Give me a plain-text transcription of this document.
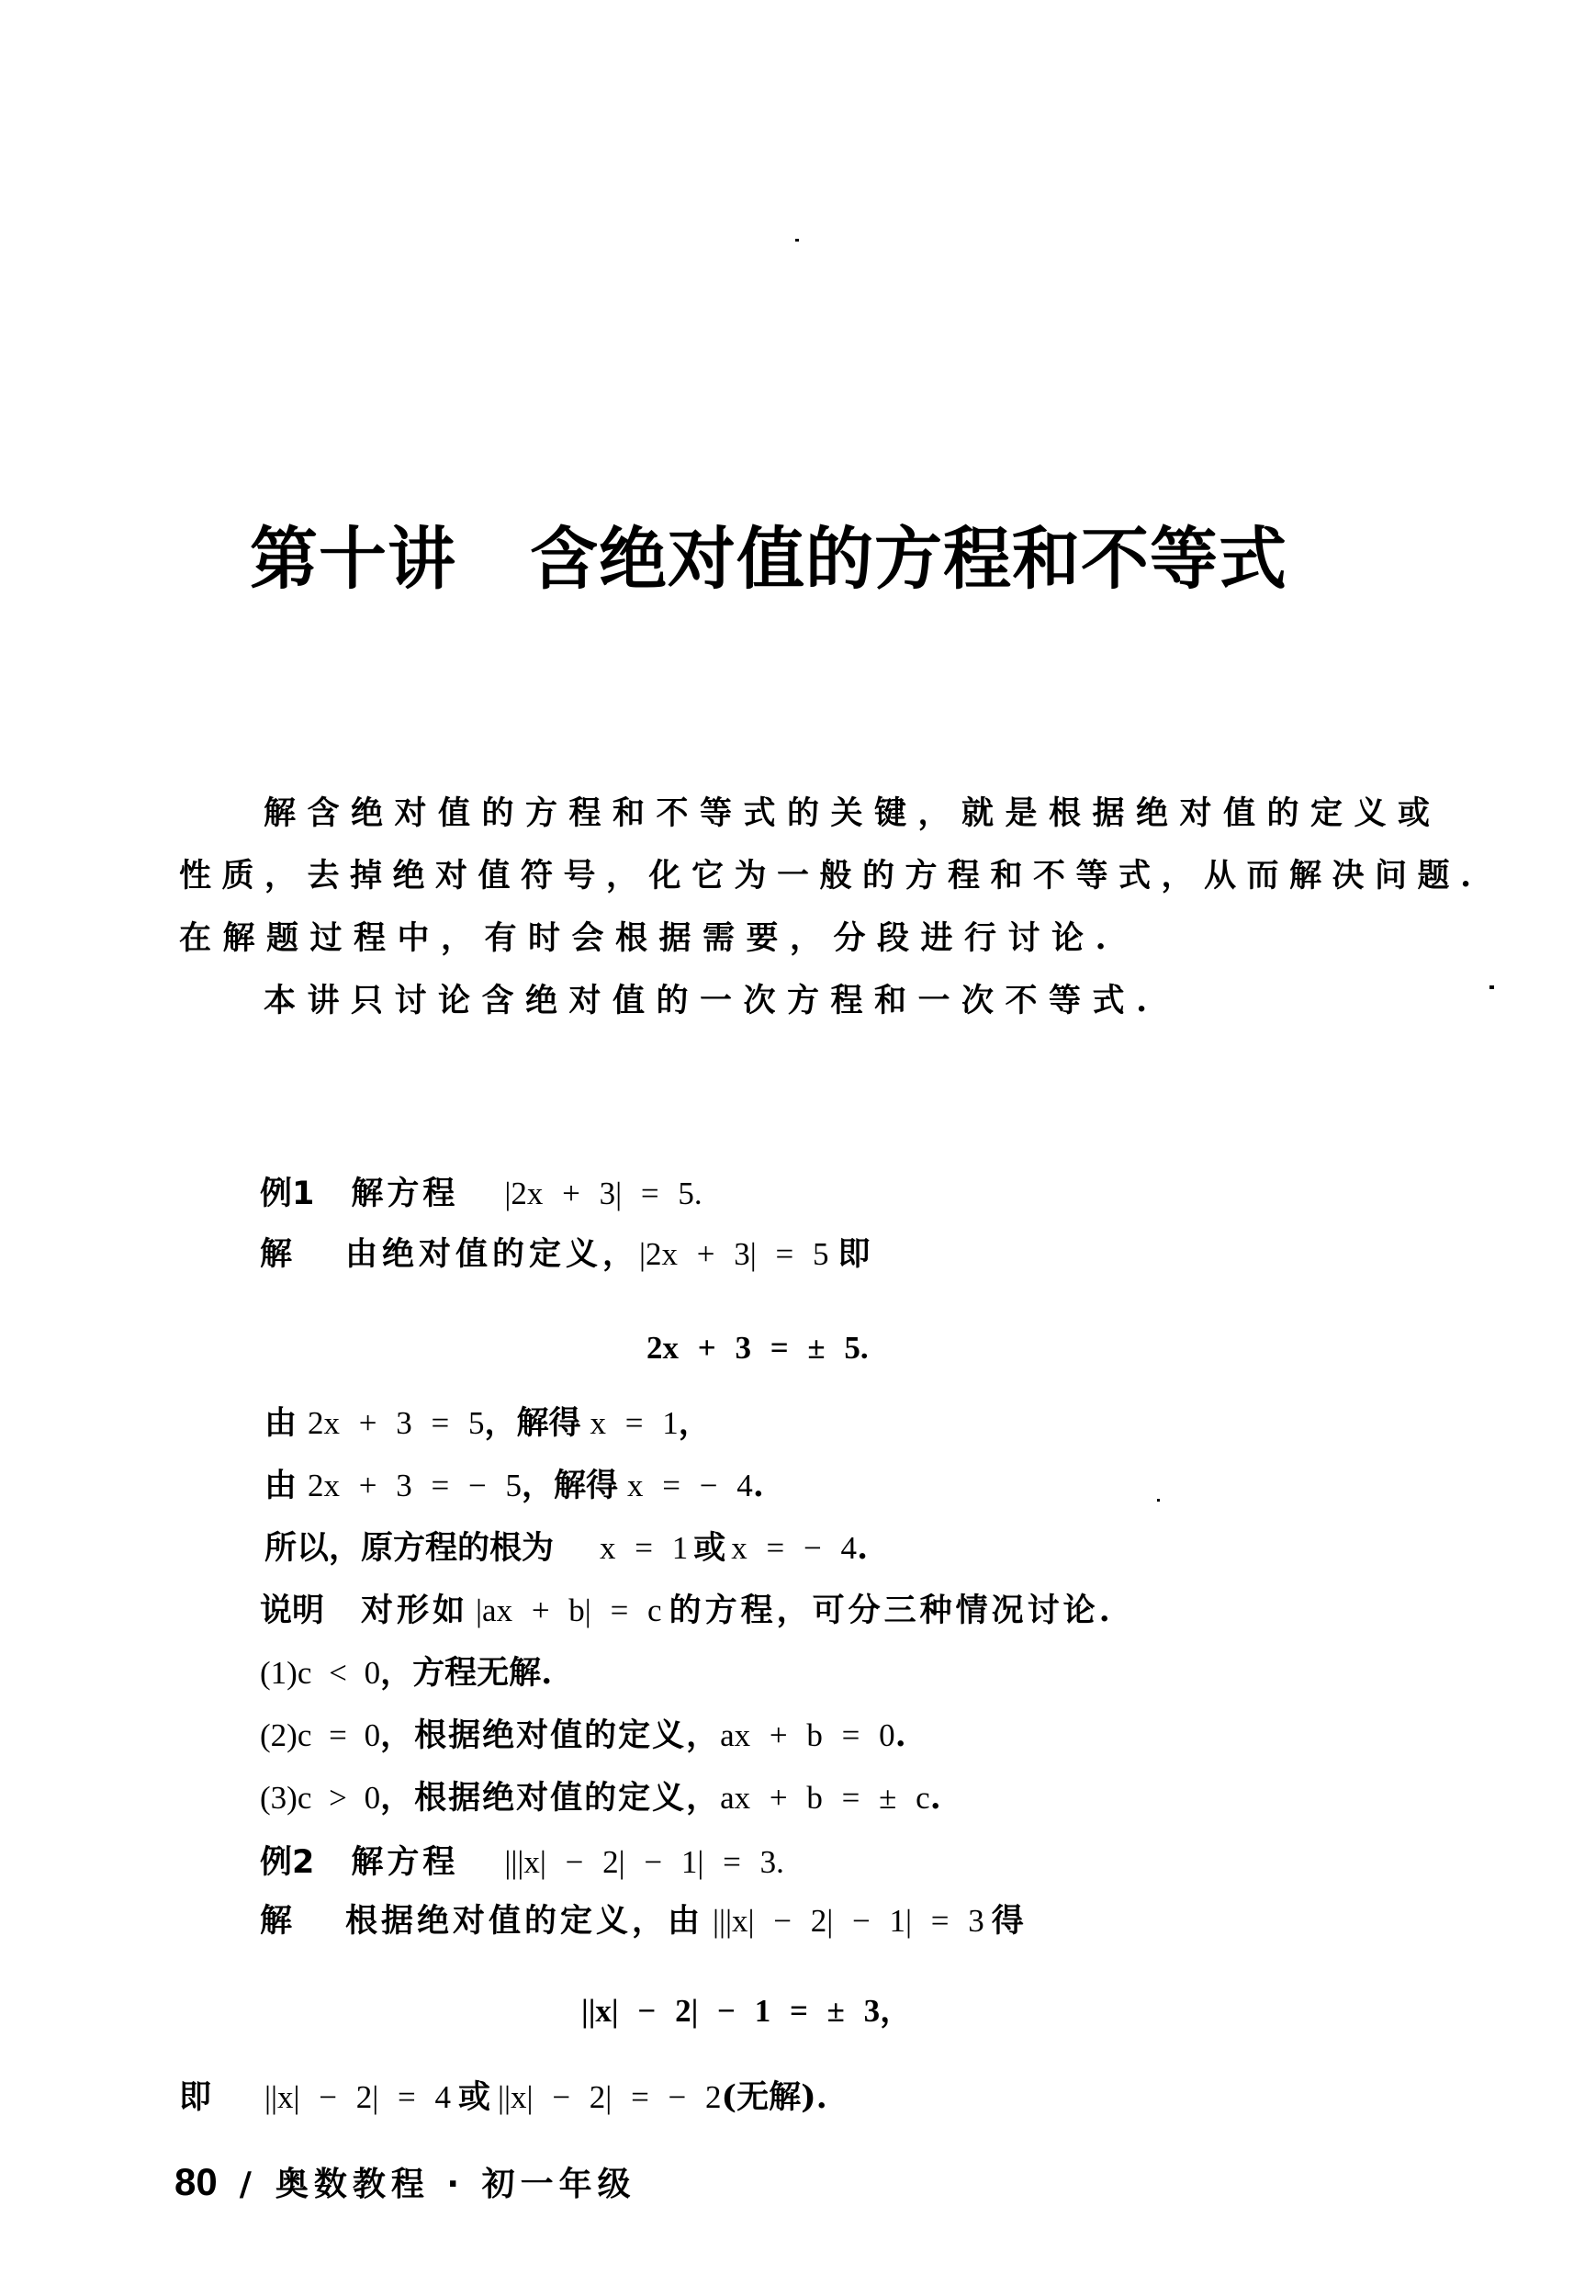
第十讲 含绝对值的方程和不等式
解含绝对值的方程和不等式的关键，就是根据绝对值的定义或
性质，去掉绝对值符号，化它为一般的方程和不等式，从而解决问题.
在解题过程中，有时会根据需要，分段进行讨论.
本讲只讨论含绝对值的一次方程和一次不等式.
例1 解方程 |2x + 3| = 5.
解 由绝对值的定义，|2x + 3| = 5 即
2x + 3 = ± 5.
由 2x + 3 = 5，解得 x = 1，
由 2x + 3 = − 5，解得 x = − 4.
所以，原方程的根为 x = 1 或 x = − 4.
说明 对形如 |ax + b| = c 的方程，可分三种情况讨论.
(1)c < 0，方程无解.
(2)c = 0，根据绝对值的定义，ax + b = 0.
(3)c > 0，根据绝对值的定义，ax + b = ± c.
例2 解方程 |||x| − 2| − 1| = 3.
解 根据绝对值的定义，由 |||x| − 2| − 1| = 3 得
||x| − 2| − 1 = ± 3，
即 ||x| − 2| = 4 或 ||x| − 2| = − 2(无解).
80 / 奥数教程 · 初一年级
